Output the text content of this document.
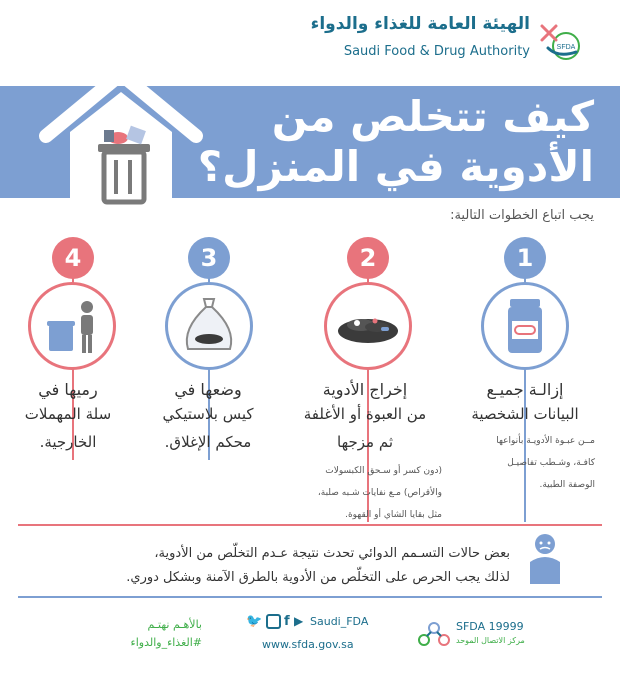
الهيئة العامة للغذاء والدواء
Saudi Food & Drug Authority	SFDA
كيف تتخلص من
الأدوية في المنزل؟
يجب اتباع الخطوات التالية:
1
2
3
4
إزالـة جميـع
البيانات الشخصية
مــن عبـوة الأدويـة بأنواعها
كافـة، وشـطب تفاصيـل
الوصفة الطبية.
إخراج الأدوية
من العبوة أو الأغلفة
ثم مزجها
(دون كسر أو سـحق الكبسولات
والأقراص) مـع نفايات شـبه صلبة،
مثل بقايا الشاي أو القهوة.
وضعها في
كيس بلاستيكي
محكم الإغلاق.
رميها في
سلة المهملات
الخارجية.
بعض حالات التسـمم الدوائي تحدث نتيجة عـدم التخلّص من الأدوية،
لذلك يجب الحرص على التخلّص من الأدوية بالطرق الآمنة وبشكل دوري.
🐦 f ▶ Saudi_FDA
www.sfda.gov.sa
بالأهـم نهتـم
#الغذاء_والدواء
SFDA 19999
مركز الاتصال الموحد
